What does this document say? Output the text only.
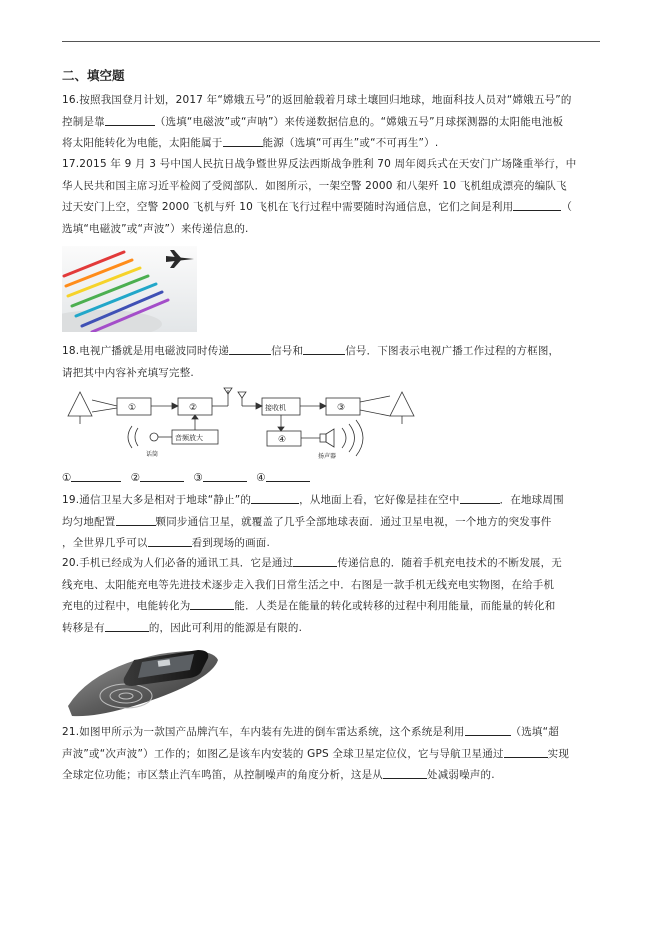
二、填空题
16.按照我国登月计划，2017 年“嫦娥五号”的返回舱载着月球土壤回归地球，地面科技人员对“嫦娥五号”的
控制是靠	（选填“电磁波”或“声呐”）来传递数据信息的。“嫦娥五号”月球探测器的太阳能电池板
将太阳能转化为电能，太阳能属于	能源（选填“可再生”或“不可再生”）.
17.2015 年 9 月 3 号中国人民抗日战争暨世界反法西斯战争胜利 70 周年阅兵式在天安门广场隆重举行，中
华人民共和国主席习近平检阅了受阅部队．如图所示，一架空警 2000 和八架歼 10 飞机组成漂亮的编队飞
过天安门上空，空警 2000 飞机与歼 10 飞机在飞行过程中需要随时沟通信息，它们之间是利用	（
选填“电磁波”或“声波”）来传递信息的.
18.电视广播就是用电磁波同时传递	信号和	信号．下图表示电视广播工作过程的方框图，
请把其中内容补充填写完整.
①	②	③
④
接收机
音频放大
话筒	扬声器
①	②	③	④
19.通信卫星大多是相对于地球“静止”的	，从地面上看，它好像是挂在空中	．在地球周围
均匀地配置	颗同步通信卫星，就覆盖了几乎全部地球表面．通过卫星电视，一个地方的突发事件
，全世界几乎可以	看到现场的画面.
20.手机已经成为人们必备的通讯工具．它是通过	传递信息的．随着手机充电技术的不断发展，无
线充电、太阳能充电等先进技术逐步走入我们日常生活之中．右图是一款手机无线充电实物图，在给手机
充电的过程中，电能转化为	能．人类是在能量的转化或转移的过程中利用能量，而能量的转化和
转移是有	的，因此可利用的能源是有限的.
21.如图甲所示为一款国产品牌汽车，车内装有先进的倒车雷达系统，这个系统是利用	（选填“超
声波”或“次声波”）工作的；如图乙是该车内安装的 GPS 全球卫星定位仪，它与导航卫星通过	实现
全球定位功能；市区禁止汽车鸣笛，从控制噪声的角度分析，这是从	处减弱噪声的.
